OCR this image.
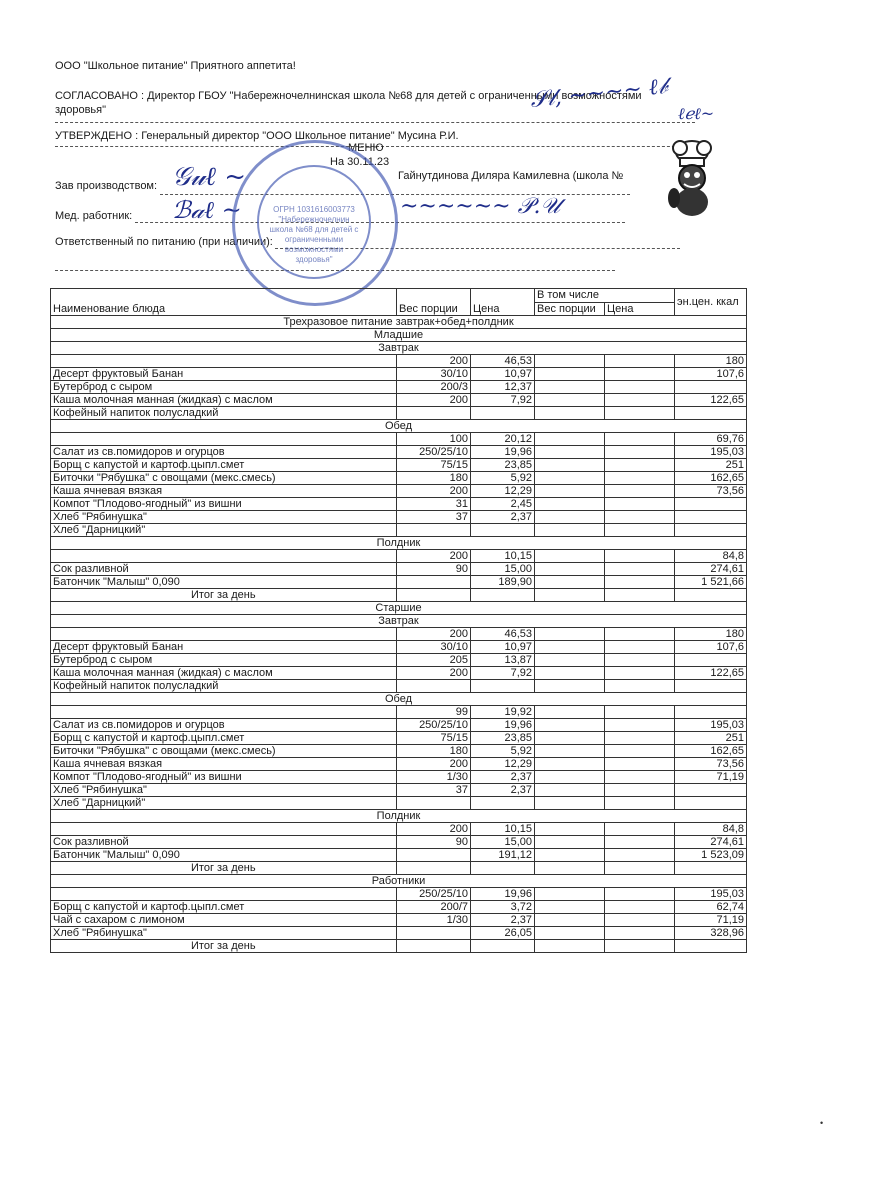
ООО "Школьное питание" Приятного аппетита!
СОГЛАСОВАНО : Директор ГБОУ "Набережночелнинская школа №68 для детей с ограниченными возможностями
здоровья"
УТВЕРЖДЕНО : Генеральный директор "ООО Школьное питание" Мусина Р.И.
МЕНЮ
На 30.11.23
Зав производством:
Гайнутдинова Диляра Камилевна (школа №
Мед. работник:
Ответственный по питанию (при наличии):
𝒮𝓁, ~~~~ ℓ𝒷
𝒢𝓊ℓ ~
ℬ𝒶ℓ ~	~~~~~~ 𝒫.𝒰
ℓℯℓ~
ОГРН 1031616003773
"Набережночелнин
школа №68 для детей с
ограниченными
возможностями
здоровья"
Наименование блюда	Вес порции	Цена	В том числе		эн.цен. ккал
			Вес порции	Цена	
Трехразовое питание завтрак+обед+полдник					
Младшие					
Завтрак					
	200	46,53			180
Десерт фруктовый Банан	30/10	10,97			107,6
Бутерброд с сыром	200/3	12,37			
Каша молочная манная (жидкая) с маслом	200	7,92			122,65
Кофейный напиток полусладкий					
Обед					
	100	20,12			69,76
Салат из св.помидоров и огурцов	250/25/10	19,96			195,03
Борщ с капустой и картоф.цыпл.смет	75/15	23,85			251
Биточки "Рябушка" с овощами (мекс.смесь)	180	5,92			162,65
Каша ячневая вязкая	200	12,29			73,56
Компот "Плодово-ягодный" из вишни	31	2,45			
Хлеб "Рябинушка"	37	2,37			
Хлеб "Дарницкий"					
Полдник					
	200	10,15			84,8
Сок разливной	90	15,00			274,61
Батончик "Малыш" 0,090		189,90			1 521,66
Итог за день					
Старшие					
Завтрак					
	200	46,53			180
Десерт фруктовый Банан	30/10	10,97			107,6
Бутерброд с сыром	205	13,87			
Каша молочная манная (жидкая) с маслом	200	7,92			122,65
Кофейный напиток полусладкий					
Обед					
	99	19,92			
Салат из св.помидоров и огурцов	250/25/10	19,96			195,03
Борщ с капустой и картоф.цыпл.смет	75/15	23,85			251
Биточки "Рябушка" с овощами (мекс.смесь)	180	5,92			162,65
Каша ячневая вязкая	200	12,29			73,56
Компот "Плодово-ягодный" из вишни	1/30	2,37			71,19
Хлеб "Рябинушка"	37	2,37			
Хлеб "Дарницкий"					
Полдник					
	200	10,15			84,8
Сок разливной	90	15,00			274,61
Батончик "Малыш" 0,090		191,12			1 523,09
Итог за день					
Работники					
	250/25/10	19,96			195,03
Борщ с капустой и картоф.цыпл.смет	200/7	3,72			62,74
Чай с сахаром с лимоном	1/30	2,37			71,19
Хлеб "Рябинушка"		26,05			328,96
Итог за день					
•
